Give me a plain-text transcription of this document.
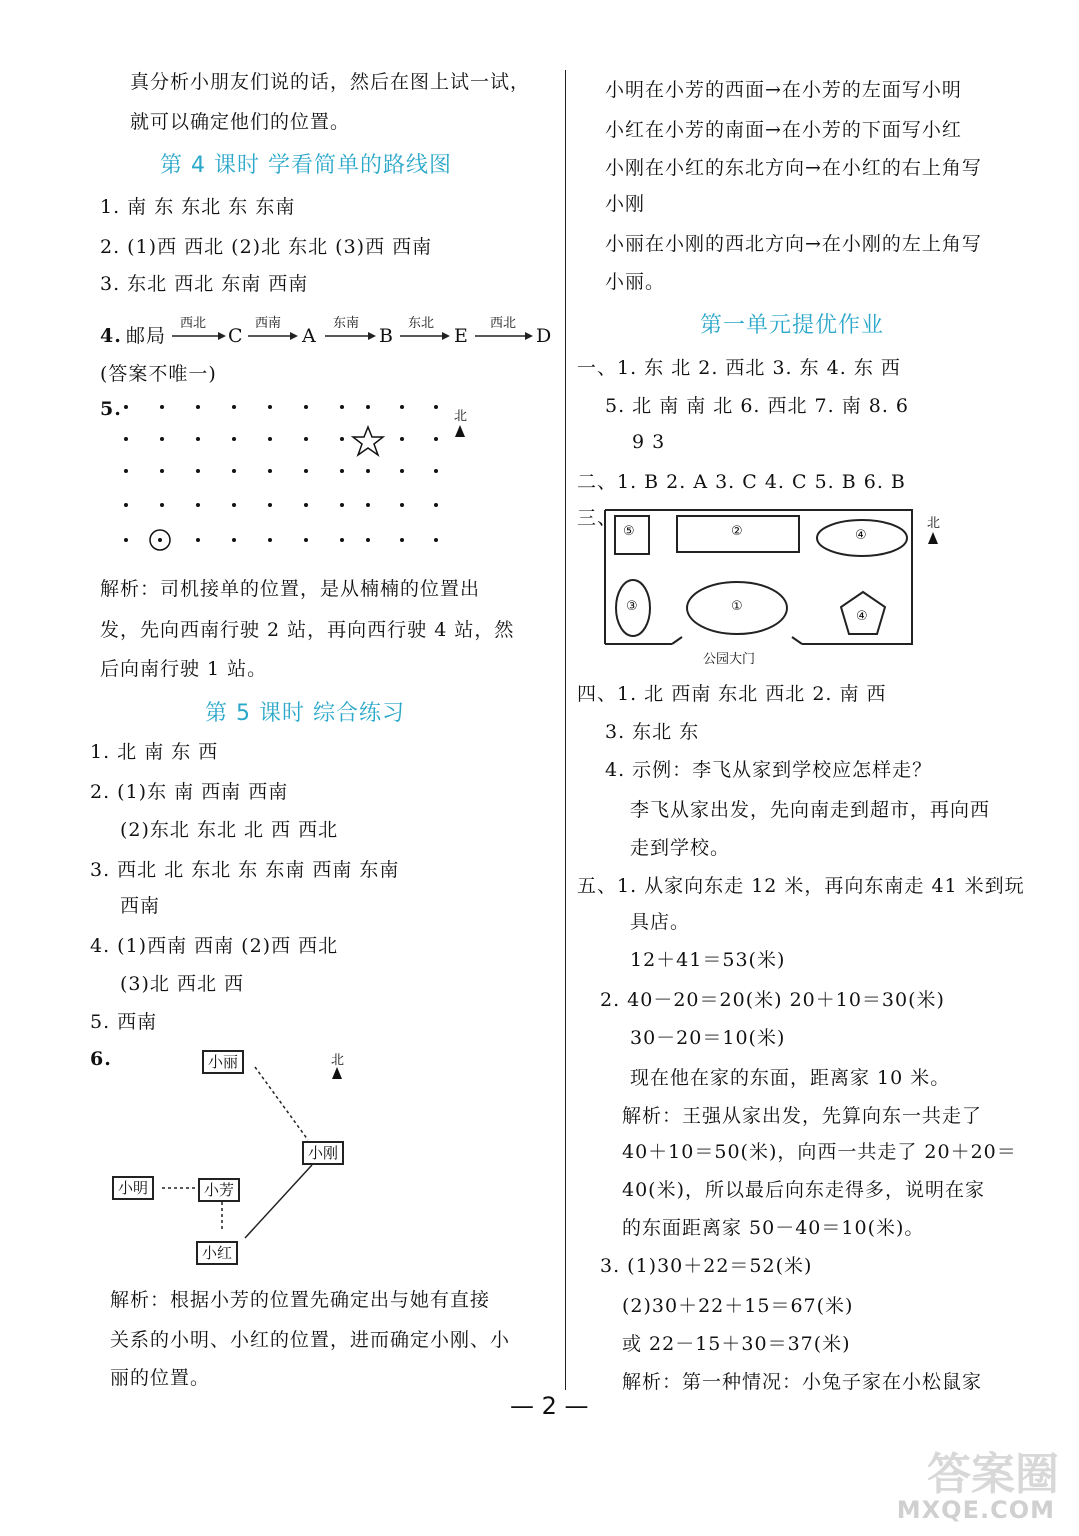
真分析小朋友们说的话，然后在图上试一试，
就可以确定他们的位置。
第 4 课时 学看简单的路线图
1. 南 东 东北 东 东南
2. (1)西 西北 (2)北 东北 (3)西 西南
3. 东北 西北 东南 西南
4. 邮局
西北
C
西南
A
东南
B
东北
E
西北
D
(答案不唯一)
5.	北
解析：司机接单的位置，是从楠楠的位置出
发，先向西南行驶 2 站，再向西行驶 4 站，然
后向南行驶 1 站。
第 5 课时 综合练习
1. 北 南 东 西
2. (1)东 南 西南 西南
(2)东北 东北 北 西 西北
3. 西北 北 东北 东 东南 西南 东南
西南
4. (1)西南 西南 (2)西 西北
(3)北 西北 西
5. 西南
6.	北
小丽
小刚
小明	小芳
小红
解析：根据小芳的位置先确定出与她有直接
关系的小明、小红的位置，进而确定小刚、小
丽的位置。
小明在小芳的西面→在小芳的左面写小明
小红在小芳的南面→在小芳的下面写小红
小刚在小红的东北方向→在小红的右上角写
小刚
小丽在小刚的西北方向→在小刚的左上角写
小丽。
第一单元提优作业
一、1. 东 北 2. 西北 3. 东 4. 东 西
5. 北 南 南 北 6. 西北 7. 南 8. 6
9 3
二、1. B 2. A 3. C 4. C 5. B 6. B
三、
⑤	②	④
③	①
④
北
公园大门
四、1. 北 西南 东北 西北 2. 南 西
3. 东北 东
4. 示例：李飞从家到学校应怎样走？
李飞从家出发，先向南走到超市，再向西
走到学校。
五、1. 从家向东走 12 米，再向东南走 41 米到玩
具店。
12＋41＝53(米)
2. 40－20＝20(米) 20＋10＝30(米)
30－20＝10(米)
现在他在家的东面，距离家 10 米。
解析：王强从家出发，先算向东一共走了
40＋10＝50(米)，向西一共走了 20＋20＝
40(米)，所以最后向东走得多，说明在家
的东面距离家 50－40＝10(米)。
3. (1)30＋22＝52(米)
(2)30＋22＋15＝67(米)
或 22－15＋30＝37(米)
解析：第一种情况：小兔子家在小松鼠家
— 2 —
答案圈
MXQE.COM
